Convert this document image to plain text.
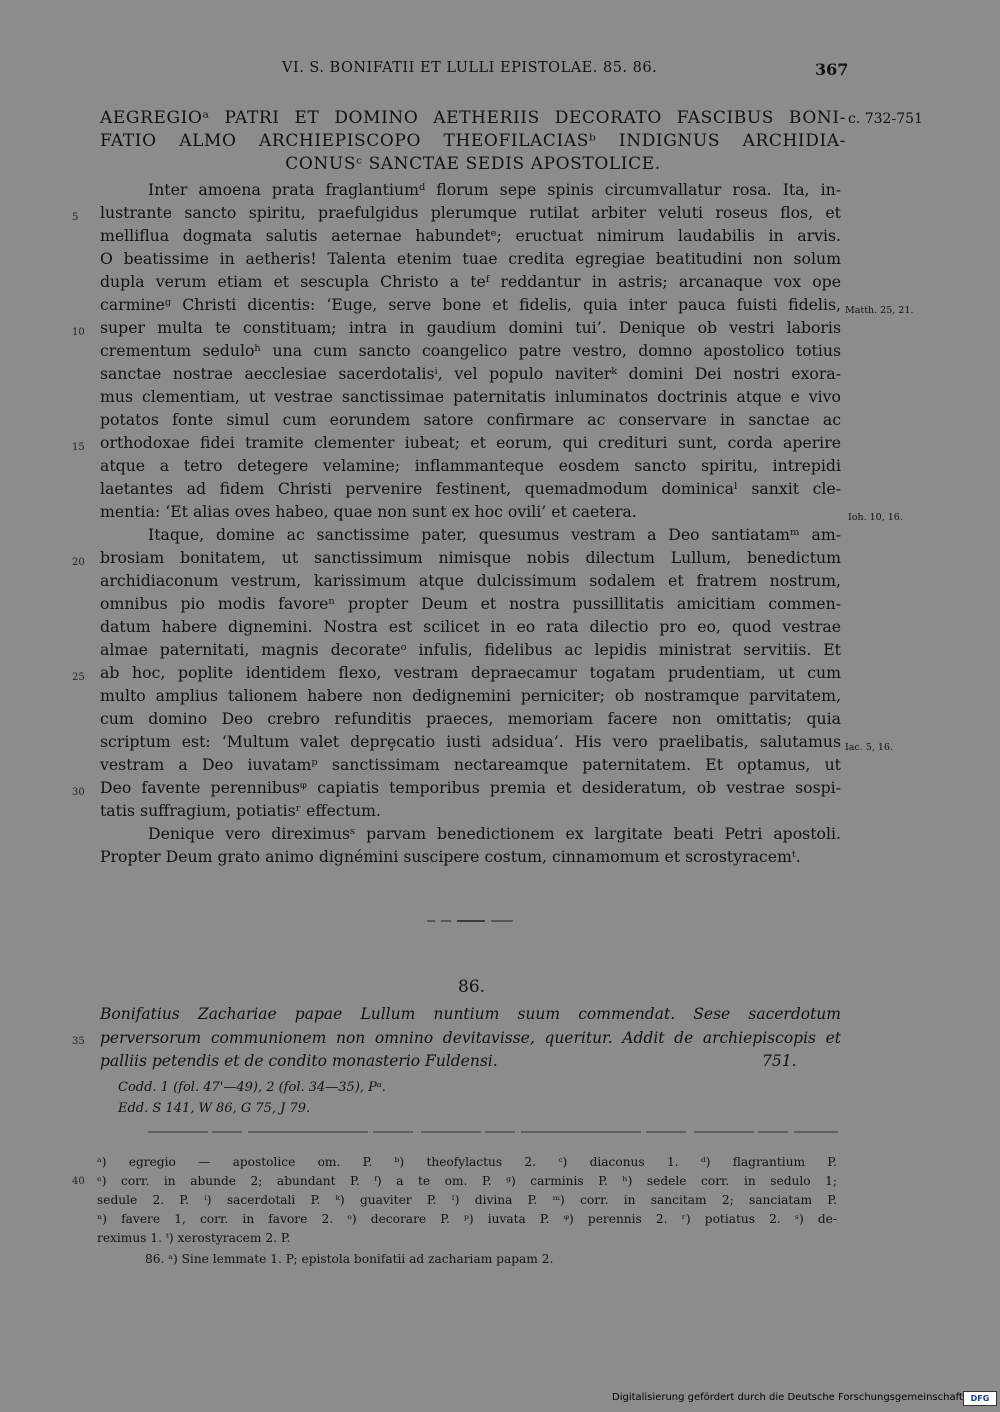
VI. S. BONIFATII ET LULLI EPISTOLAE. 85. 86.	367
AEGREGIOᵃ PATRI ET DOMINO AETHERIIS DECORATO FASCIBUS BONI-
FATIO ALMO ARCHIEPISCOPO THEOFILACIASᵇ INDIGNUS ARCHIDIA-
CONUSᶜ SANCTAE SEDIS APOSTOLICE.
c. 732-751
Inter amoena prata fraglantiumᵈ florum sepe spinis circumvallatur rosa. Ita, in-
lustrante sancto spiritu, praefulgidus plerumque rutilat arbiter veluti roseus flos, et
melliflua dogmata salutis aeternae habundetᵉ; eructuat nimirum laudabilis in arvis.
O beatissime in aetheris! Talenta etenim tuae credita egregiae beatitudini non solum
dupla verum etiam et sescupla Christo a teᶠ reddantur in astris; arcanaque vox ope
carmineᵍ Christi dicentis: ‘Euge, serve bone et fidelis, quia inter pauca fuisti fidelis,
super multa te constituam; intra in gaudium domini tui’. Denique ob vestri laboris
crementum seduloʰ una cum sancto coangelico patre vestro, domno apostolico totius
sanctae nostrae aecclesiae sacerdotalisⁱ, vel populo naviterᵏ domini Dei nostri exora-
mus clementiam, ut vestrae sanctissimae paternitatis inluminatos doctrinis atque e vivo
potatos fonte simul cum eorundem satore confirmare ac conservare in sanctae ac
orthodoxae fidei tramite clementer iubeat; et eorum, qui credituri sunt, corda aperire
atque a tetro detegere velamine; inflammanteque eosdem sancto spiritu, intrepidi
laetantes ad fidem Christi pervenire festinent, quemadmodum dominicaˡ sanxit cle-
mentia: ‘Et alias oves habeo, quae non sunt ex hoc ovili’ et caetera.
Itaque, domine ac sanctissime pater, quesumus vestram a Deo santiatamᵐ am-
brosiam bonitatem, ut sanctissimum nimisque nobis dilectum Lullum, benedictum
archidiaconum vestrum, karissimum atque dulcissimum sodalem et fratrem nostrum,
omnibus pio modis favoreⁿ propter Deum et nostra pussillitatis amicitiam commen-
datum habere dignemini. Nostra est scilicet in eo rata dilectio pro eo, quod vestrae
almae paternitati, magnis decorateᵒ infulis, fidelibus ac lepidis ministrat servitiis. Et
ab hoc, poplite identidem flexo, vestram depraecamur togatam prudentiam, ut cum
multo amplius talionem habere non dedignemini perniciter; ob nostramque parvitatem,
cum domino Deo crebro refunditis praeces, memoriam facere non omittatis; quia
scriptum est: ‘Multum valet deprȩcatio iusti adsidua’. His vero praelibatis, salutamus
vestram a Deo iuvatamᵖ sanctissimam nectareamque paternitatem. Et optamus, ut
Deo favente perennibusᵠ capiatis temporibus premia et desideratum, ob vestrae sospi-
tatis suffragium, potiatisʳ effectum.
Denique vero direximusˢ parvam benedictionem ex largitate beati Petri apostoli.
Propter Deum grato animo dignémini suscipere costum, cinnamomum et scrostyracemᵗ.
5
10
15
20
25
30
Matth. 25, 21.
Ioh. 10, 16.
Iac. 5, 16.
86.
Bonifatius Zachariae papae Lullum nuntium suum commendat. Sese sacerdotum
perversorum communionem non omnino devitavisse, queritur. Addit de archiepiscopis et
palliis petendis et de condito monasterio Fuldensi.	751.
35
Codd. 1 (fol. 47'—49), 2 (fol. 34—35), Pᵃ.
Edd. S 141, W 86, G 75, J 79.
ᵃ) egregio — apostolice om. P. ᵇ) theofylactus 2. ᶜ) diaconus 1. ᵈ) flagrantium P.
ᵉ) corr. in abunde 2; abundant P. ᶠ) a te om. P. ᵍ) carminis P. ʰ) sedele corr. in sedulo 1;
sedule 2. P. ⁱ) sacerdotali P. ᵏ) guaviter P. ˡ) divina P. ᵐ) corr. in sancitam 2; sanciatam P.
ⁿ) favere 1, corr. in favore 2. ᵒ) decorare P. ᵖ) iuvata P. ᵠ) perennis 2. ʳ) potiatus 2. ˢ) de-
reximus 1. ᵗ) xerostyracem 2. P.
86. ᵃ) Sine lemmate 1. P; epistola bonifatii ad zachariam papam 2.
40
Digitalisierung gefördert durch die Deutsche Forschungsgemeinschaft DFG
